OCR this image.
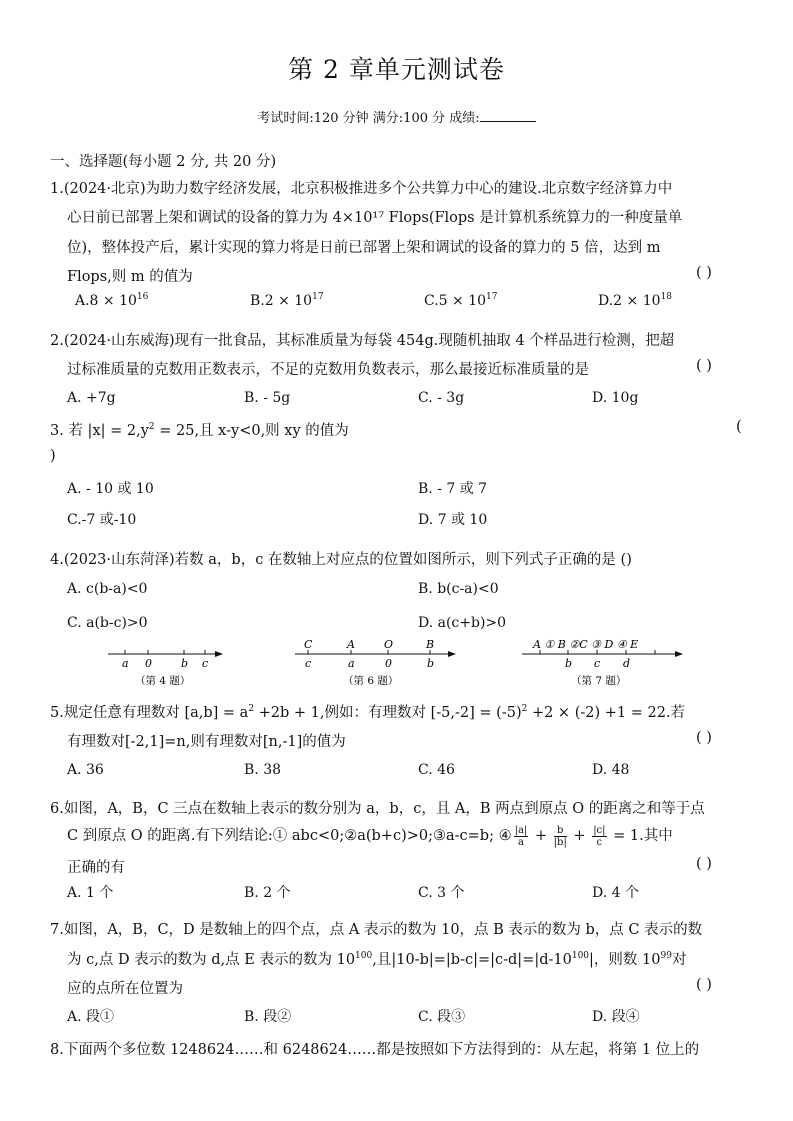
第 2 章单元测试卷
考试时间:120 分钟 满分:100 分 成绩:
一、选择题(每小题 2 分, 共 20 分)
1.(2024·北京)为助力数字经济发展，北京积极推进多个公共算力中心的建设.北京数字经济算力中
心日前已部署上架和调试的设备的算力为 4×10¹⁷ Flops(Flops 是计算机系统算力的一种度量单
位)，整体投产后，累计实现的算力将是日前已部署上架和调试的设备的算力的 5 倍，达到 m
Flops,则 m 的值为	( )
$A.8 \times 10^{16}$	$B.2 \times 10^{17}$	$C.5 \times 10^{17}$	$D.2 \times 10^{18}$
2.(2024·山东威海)现有一批食品，其标准质量为每袋 454g.现随机抽取 4 个样品进行检测，把超
过标准质量的克数用正数表示，不足的克数用负数表示，那么最接近标准质量的是	( )
A. +7g	B. - 5g	C. - 3g	D. 10g
3. 若 $|x| = 2,y^2 = 25$,且 x-y<0,则 xy 的值为	(
)
A. - 10 或 10	B. - 7 或 7
C.-7 或-10	D. 7 或 10
4.(2023·山东菏泽)若数 a，b，c 在数轴上对应点的位置如图所示，则下列式子正确的是 ()
A. c(b-a)<0	B. b(c-a)<0
C. a(b-c)>0	D. a(c+b)>0
a 0	b c
（第 4 题）
C	A	O	B
c	a	0	b
（第 6 题）
A ① B ②C ③ D ④ E
b c d
（第 7 题）
5.规定任意有理数对 $[a,b] = a^2 +2b + 1$,例如：有理数对 $[-5,-2] = (-5)^2 +2 \times (-2) +1 = 22$.若
有理数对[-2,1]=n,则有理数对[n,-1]的值为	( )
A. 36	B. 38	C. 46	D. 48
6.如图，A，B，C 三点在数轴上表示的数分别为 a，b，c，且 A，B 两点到原点 O 的距离之和等于点
C 到原点 O 的距离.有下列结论:① abc<0;②a(b+c)>0;③a-c=b; ④ $\frac{|a|}{a} + \frac{b}{|b|} + \frac{|c|}{c} = 1$.其中
正确的有	( )
A. 1 个	B. 2 个	C. 3 个	D. 4 个
7.如图，A，B，C，D 是数轴上的四个点，点 A 表示的数为 10，点 B 表示的数为 b，点 C 表示的数
为 c,点 D 表示的数为 d,点 E 表示的数为 $10^{100}$,且$|10-b|=|b-c|=|c-d|=|d-10^{100}|$，则数 $10^{99}$对
应的点所在位置为	( )
A. 段①	B. 段②	C. 段③	D. 段④
8.下面两个多位数 1248624……和 6248624……都是按照如下方法得到的：从左起，将第 1 位上的
